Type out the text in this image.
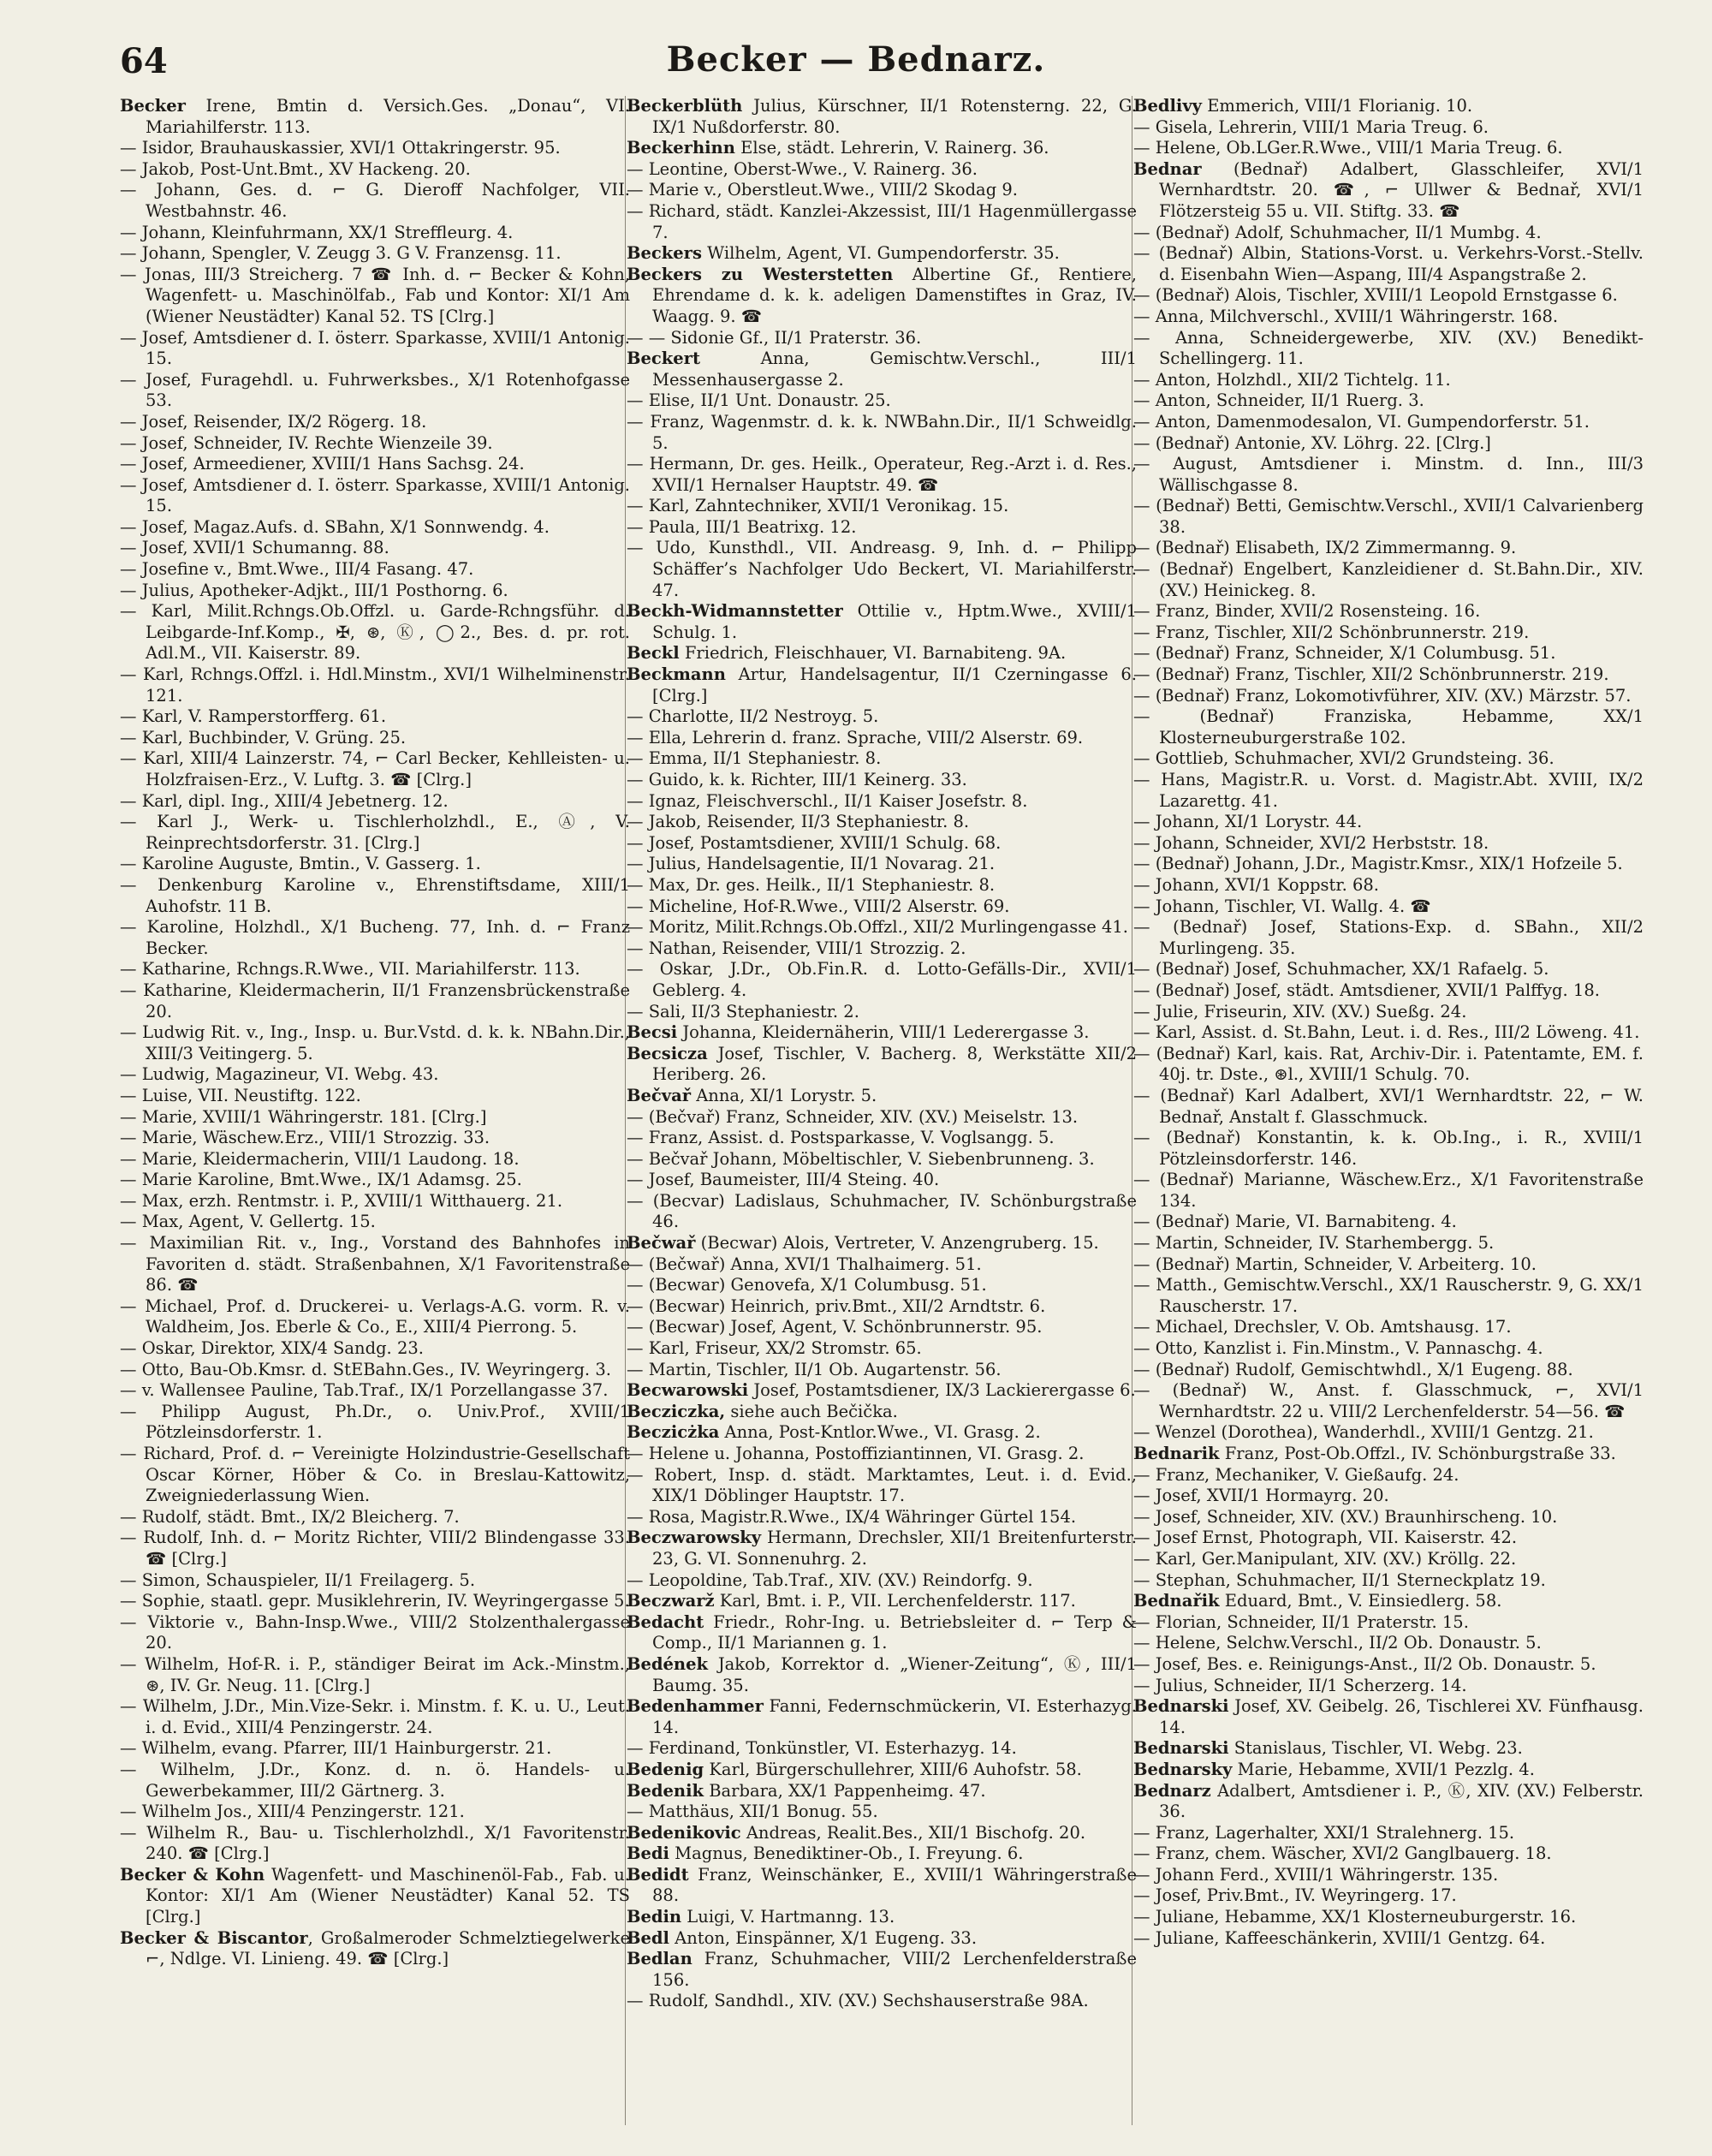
64	Becker — Bednarz.
Becker Irene, Bmtin d. Versich.Ges. „Donau“, VI. Mariahilferstr. 113.
— Isidor, Brauhauskassier, XVI/1 Ottakringerstr. 95.
— Jakob, Post-Unt.Bmt., XV Hackeng. 20.
— Johann, Ges. d. ⌐ G. Dieroff Nachfolger, VII. Westbahnstr. 46.
— Johann, Kleinfuhrmann, XX/1 Streffleurg. 4.
— Johann, Spengler, V. Zeugg 3. G V. Franzensg. 11.
— Jonas, III/3 Streicherg. 7 ☎ Inh. d. ⌐ Becker & Kohn, Wagenfett- u. Maschinölfab., Fab und Kontor: XI/1 Am (Wiener Neustädter) Kanal 52. TS [Clrg.]
— Josef, Amtsdiener d. I. österr. Sparkasse, XVIII/1 Antonig. 15.
— Josef, Furagehdl. u. Fuhrwerksbes., X/1 Rotenhofgasse 53.
— Josef, Reisender, IX/2 Rögerg. 18.
— Josef, Schneider, IV. Rechte Wienzeile 39.
— Josef, Armeediener, XVIII/1 Hans Sachsg. 24.
— Josef, Amtsdiener d. I. österr. Sparkasse, XVIII/1 Antonig. 15.
— Josef, Magaz.Aufs. d. SBahn, X/1 Sonnwendg. 4.
— Josef, XVII/1 Schumanng. 88.
— Josefine v., Bmt.Wwe., III/4 Fasang. 47.
— Julius, Apotheker-Adjkt., III/1 Posthorng. 6.
— Karl, Milit.Rchngs.Ob.Offzl. u. Garde-Rchngsführ. d. Leibgarde-Inf.Komp., ✠, ⊛, Ⓚ, ◯2., Bes. d. pr. rot. Adl.M., VII. Kaiserstr. 89.
— Karl, Rchngs.Offzl. i. Hdl.Minstm., XVI/1 Wilhelminenstr. 121.
— Karl, V. Ramperstorfferg. 61.
— Karl, Buchbinder, V. Grüng. 25.
— Karl, XIII/4 Lainzerstr. 74, ⌐ Carl Becker, Kehlleisten- u. Holzfraisen-Erz., V. Luftg. 3. ☎ [Clrg.]
— Karl, dipl. Ing., XIII/4 Jebetnerg. 12.
— Karl J., Werk- u. Tischlerholzhdl., E., Ⓐ, V. Reinprechtsdorferstr. 31. [Clrg.]
— Karoline Auguste, Bmtin., V. Gasserg. 1.
— Denkenburg Karoline v., Ehrenstiftsdame, XIII/1 Auhofstr. 11 B.
— Karoline, Holzhdl., X/1 Bucheng. 77, Inh. d. ⌐ Franz Becker.
— Katharine, Rchngs.R.Wwe., VII. Mariahilferstr. 113.
— Katharine, Kleidermacherin, II/1 Franzensbrückenstraße 20.
— Ludwig Rit. v., Ing., Insp. u. Bur.Vstd. d. k. k. NBahn.Dir., XIII/3 Veitingerg. 5.
— Ludwig, Magazineur, VI. Webg. 43.
— Luise, VII. Neustiftg. 122.
— Marie, XVIII/1 Währingerstr. 181. [Clrg.]
— Marie, Wäschew.Erz., VIII/1 Strozzig. 33.
— Marie, Kleidermacherin, VIII/1 Laudong. 18.
— Marie Karoline, Bmt.Wwe., IX/1 Adamsg. 25.
— Max, erzh. Rentmstr. i. P., XVIII/1 Witthauerg. 21.
— Max, Agent, V. Gellertg. 15.
— Maximilian Rit. v., Ing., Vorstand des Bahnhofes in Favoriten d. städt. Straßenbahnen, X/1 Favoritenstraße 86. ☎
— Michael, Prof. d. Druckerei- u. Verlags-A.G. vorm. R. v. Waldheim, Jos. Eberle & Co., E., XIII/4 Pierrong. 5.
— Oskar, Direktor, XIX/4 Sandg. 23.
— Otto, Bau-Ob.Kmsr. d. StEBahn.Ges., IV. Weyringerg. 3.
— v. Wallensee Pauline, Tab.Traf., IX/1 Porzellangasse 37.
— Philipp August, Ph.Dr., o. Univ.Prof., XVIII/1 Pötzleinsdorferstr. 1.
— Richard, Prof. d. ⌐ Vereinigte Holzindustrie-Gesellschaft Oscar Körner, Höber & Co. in Breslau-Kattowitz, Zweigniederlassung Wien.
— Rudolf, städt. Bmt., IX/2 Bleicherg. 7.
— Rudolf, Inh. d. ⌐ Moritz Richter, VIII/2 Blindengasse 33. ☎ [Clrg.]
— Simon, Schauspieler, II/1 Freilagerg. 5.
— Sophie, staatl. gepr. Musiklehrerin, IV. Weyringergasse 5.
— Viktorie v., Bahn-Insp.Wwe., VIII/2 Stolzenthalergasse 20.
— Wilhelm, Hof-R. i. P., ständiger Beirat im Ack.-Minstm., ⊛, IV. Gr. Neug. 11. [Clrg.]
— Wilhelm, J.Dr., Min.Vize-Sekr. i. Minstm. f. K. u. U., Leut. i. d. Evid., XIII/4 Penzingerstr. 24.
— Wilhelm, evang. Pfarrer, III/1 Hainburgerstr. 21.
— Wilhelm, J.Dr., Konz. d. n. ö. Handels- u. Gewerbekammer, III/2 Gärtnerg. 3.
— Wilhelm Jos., XIII/4 Penzingerstr. 121.
— Wilhelm R., Bau- u. Tischlerholzhdl., X/1 Favoritenstr. 240. ☎ [Clrg.]
Becker & Kohn Wagenfett- und Maschinenöl-Fab., Fab. u. Kontor: XI/1 Am (Wiener Neustädter) Kanal 52. TS [Clrg.]
Becker & Biscantor, Großalmeroder Schmelztiegelwerke ⌐, Ndlge. VI. Linieng. 49. ☎ [Clrg.]
Beckerblüth Julius, Kürschner, II/1 Rotensterng. 22, G. IX/1 Nußdorferstr. 80.
Beckerhinn Else, städt. Lehrerin, V. Rainerg. 36.
— Leontine, Oberst-Wwe., V. Rainerg. 36.
— Marie v., Oberstleut.Wwe., VIII/2 Skodag 9.
— Richard, städt. Kanzlei-Akzessist, III/1 Hagenmüllergasse 7.
Beckers Wilhelm, Agent, VI. Gumpendorferstr. 35.
Beckers zu Westerstetten Albertine Gf., Rentiere, Ehrendame d. k. k. adeligen Damenstiftes in Graz, IV. Waagg. 9. ☎
— — Sidonie Gf., II/1 Praterstr. 36.
Beckert Anna, Gemischtw.Verschl., III/1 Messenhausergasse 2.
— Elise, II/1 Unt. Donaustr. 25.
— Franz, Wagenmstr. d. k. k. NWBahn.Dir., II/1 Schweidlg. 5.
— Hermann, Dr. ges. Heilk., Operateur, Reg.-Arzt i. d. Res., XVII/1 Hernalser Hauptstr. 49. ☎
— Karl, Zahntechniker, XVII/1 Veronikag. 15.
— Paula, III/1 Beatrixg. 12.
— Udo, Kunsthdl., VII. Andreasg. 9, Inh. d. ⌐ Philipp Schäffer’s Nachfolger Udo Beckert, VI. Mariahilferstr. 47.
Beckh-Widmannstetter Ottilie v., Hptm.Wwe., XVIII/1 Schulg. 1.
Beckl Friedrich, Fleischhauer, VI. Barnabiteng. 9A.
Beckmann Artur, Handelsagentur, II/1 Czerningasse 6. [Clrg.]
— Charlotte, II/2 Nestroyg. 5.
— Ella, Lehrerin d. franz. Sprache, VIII/2 Alserstr. 69.
— Emma, II/1 Stephaniestr. 8.
— Guido, k. k. Richter, III/1 Keinerg. 33.
— Ignaz, Fleischverschl., II/1 Kaiser Josefstr. 8.
— Jakob, Reisender, II/3 Stephaniestr. 8.
— Josef, Postamtsdiener, XVIII/1 Schulg. 68.
— Julius, Handelsagentie, II/1 Novarag. 21.
— Max, Dr. ges. Heilk., II/1 Stephaniestr. 8.
— Micheline, Hof-R.Wwe., VIII/2 Alserstr. 69.
— Moritz, Milit.Rchngs.Ob.Offzl., XII/2 Murlingengasse 41.
— Nathan, Reisender, VIII/1 Strozzig. 2.
— Oskar, J.Dr., Ob.Fin.R. d. Lotto-Gefälls-Dir., XVII/1 Geblerg. 4.
— Sali, II/3 Stephaniestr. 2.
Becsi Johanna, Kleidernäherin, VIII/1 Lederergasse 3.
Becsicza Josef, Tischler, V. Bacherg. 8, Werkstätte XII/2 Heriberg. 26.
Bečvař Anna, XI/1 Lorystr. 5.
— (Bečvař) Franz, Schneider, XIV. (XV.) Meiselstr. 13.
— Franz, Assist. d. Postsparkasse, V. Voglsangg. 5.
— Bečvař Johann, Möbeltischler, V. Siebenbrunneng. 3.
— Josef, Baumeister, III/4 Steing. 40.
— (Becvar) Ladislaus, Schuhmacher, IV. Schönburgstraße 46.
Bečwař (Becwar) Alois, Vertreter, V. Anzengruberg. 15.
— (Bečwař) Anna, XVI/1 Thalhaimerg. 51.
— (Becwar) Genovefa, X/1 Columbusg. 51.
— (Becwar) Heinrich, priv.Bmt., XII/2 Arndtstr. 6.
— (Becwar) Josef, Agent, V. Schönbrunnerstr. 95.
— Karl, Friseur, XX/2 Stromstr. 65.
— Martin, Tischler, II/1 Ob. Augartenstr. 56.
Becwarowski Josef, Postamtsdiener, IX/3 Lackierergasse 6.
Becziczka, siehe auch Bečička.
Beczicżka Anna, Post-Kntlor.Wwe., VI. Grasg. 2.
— Helene u. Johanna, Postoffiziantinnen, VI. Grasg. 2.
— Robert, Insp. d. städt. Marktamtes, Leut. i. d. Evid., XIX/1 Döblinger Hauptstr. 17.
— Rosa, Magistr.R.Wwe., IX/4 Währinger Gürtel 154.
Beczwarowsky Hermann, Drechsler, XII/1 Breitenfurterstr. 23, G. VI. Sonnenuhrg. 2.
— Leopoldine, Tab.Traf., XIV. (XV.) Reindorfg. 9.
Beczwarž Karl, Bmt. i. P., VII. Lerchenfelderstr. 117.
Bedacht Friedr., Rohr-Ing. u. Betriebsleiter d. ⌐ Terp & Comp., II/1 Mariannen g. 1.
Bedének Jakob, Korrektor d. „Wiener-Zeitung“, Ⓚ, III/1 Baumg. 35.
Bedenhammer Fanni, Federnschmückerin, VI. Esterhazyg. 14.
— Ferdinand, Tonkünstler, VI. Esterhazyg. 14.
Bedenig Karl, Bürgerschullehrer, XIII/6 Auhofstr. 58.
Bedenik Barbara, XX/1 Pappenheimg. 47.
— Matthäus, XII/1 Bonug. 55.
Bedenikovic Andreas, Realit.Bes., XII/1 Bischofg. 20.
Bedi Magnus, Benediktiner-Ob., I. Freyung. 6.
Bedidt Franz, Weinschänker, E., XVIII/1 Währingerstraße 88.
Bedin Luigi, V. Hartmanng. 13.
Bedl Anton, Einspänner, X/1 Eugeng. 33.
Bedlan Franz, Schuhmacher, VIII/2 Lerchenfelderstraße 156.
— Rudolf, Sandhdl., XIV. (XV.) Sechshauserstraße 98A.
Bedlivy Emmerich, VIII/1 Florianig. 10.
— Gisela, Lehrerin, VIII/1 Maria Treug. 6.
— Helene, Ob.LGer.R.Wwe., VIII/1 Maria Treug. 6.
Bednar (Bednař) Adalbert, Glasschleifer, XVI/1 Wernhardtstr. 20. ☎, ⌐ Ullwer & Bednař, XVI/1 Flötzersteig 55 u. VII. Stiftg. 33. ☎
— (Bednař) Adolf, Schuhmacher, II/1 Mumbg. 4.
— (Bednař) Albin, Stations-Vorst. u. Verkehrs-Vorst.-Stellv. d. Eisenbahn Wien—Aspang, III/4 Aspangstraße 2.
— (Bednař) Alois, Tischler, XVIII/1 Leopold Ernstgasse 6.
— Anna, Milchverschl., XVIII/1 Währingerstr. 168.
— Anna, Schneidergewerbe, XIV. (XV.) Benedikt-Schellingerg. 11.
— Anton, Holzhdl., XII/2 Tichtelg. 11.
— Anton, Schneider, II/1 Ruerg. 3.
— Anton, Damenmodesalon, VI. Gumpendorferstr. 51.
— (Bednař) Antonie, XV. Löhrg. 22. [Clrg.]
— August, Amtsdiener i. Minstm. d. Inn., III/3 Wällischgasse 8.
— (Bednař) Betti, Gemischtw.Verschl., XVII/1 Calvarienberg 38.
— (Bednař) Elisabeth, IX/2 Zimmermanng. 9.
— (Bednař) Engelbert, Kanzleidiener d. St.Bahn.Dir., XIV. (XV.) Heinickeg. 8.
— Franz, Binder, XVII/2 Rosensteing. 16.
— Franz, Tischler, XII/2 Schönbrunnerstr. 219.
— (Bednař) Franz, Schneider, X/1 Columbusg. 51.
— (Bednař) Franz, Tischler, XII/2 Schönbrunnerstr. 219.
— (Bednař) Franz, Lokomotivführer, XIV. (XV.) Märzstr. 57.
— (Bednař) Franziska, Hebamme, XX/1 Klosterneuburgerstraße 102.
— Gottlieb, Schuhmacher, XVI/2 Grundsteing. 36.
— Hans, Magistr.R. u. Vorst. d. Magistr.Abt. XVIII, IX/2 Lazarettg. 41.
— Johann, XI/1 Lorystr. 44.
— Johann, Schneider, XVI/2 Herbststr. 18.
— (Bednař) Johann, J.Dr., Magistr.Kmsr., XIX/1 Hofzeile 5.
— Johann, XVI/1 Koppstr. 68.
— Johann, Tischler, VI. Wallg. 4. ☎
— (Bednař) Josef, Stations-Exp. d. SBahn., XII/2 Murlingeng. 35.
— (Bednař) Josef, Schuhmacher, XX/1 Rafaelg. 5.
— (Bednař) Josef, städt. Amtsdiener, XVII/1 Palffyg. 18.
— Julie, Friseurin, XIV. (XV.) Sueßg. 24.
— Karl, Assist. d. St.Bahn, Leut. i. d. Res., III/2 Löweng. 41.
— (Bednař) Karl, kais. Rat, Archiv-Dir. i. Patentamte, EM. f. 40j. tr. Dste., ⊛l., XVIII/1 Schulg. 70.
— (Bednař) Karl Adalbert, XVI/1 Wernhardtstr. 22, ⌐ W. Bednař, Anstalt f. Glasschmuck.
— (Bednař) Konstantin, k. k. Ob.Ing., i. R., XVIII/1 Pötzleinsdorferstr. 146.
— (Bednař) Marianne, Wäschew.Erz., X/1 Favoritenstraße 134.
— (Bednař) Marie, VI. Barnabiteng. 4.
— Martin, Schneider, IV. Starhembergg. 5.
— (Bednař) Martin, Schneider, V. Arbeiterg. 10.
— Matth., Gemischtw.Verschl., XX/1 Rauscherstr. 9, G. XX/1 Rauscherstr. 17.
— Michael, Drechsler, V. Ob. Amtshausg. 17.
— Otto, Kanzlist i. Fin.Minstm., V. Pannaschg. 4.
— (Bednař) Rudolf, Gemischtwhdl., X/1 Eugeng. 88.
— (Bednař) W., Anst. f. Glasschmuck, ⌐, XVI/1 Wernhardtstr. 22 u. VIII/2 Lerchenfelderstr. 54—56. ☎
— Wenzel (Dorothea), Wanderhdl., XVIII/1 Gentzg. 21.
Bednarik Franz, Post-Ob.Offzl., IV. Schönburgstraße 33.
— Franz, Mechaniker, V. Gießaufg. 24.
— Josef, XVII/1 Hormayrg. 20.
— Josef, Schneider, XIV. (XV.) Braunhirscheng. 10.
— Josef Ernst, Photograph, VII. Kaiserstr. 42.
— Karl, Ger.Manipulant, XIV. (XV.) Kröllg. 22.
— Stephan, Schuhmacher, II/1 Sterneckplatz 19.
Bednařik Eduard, Bmt., V. Einsiedlerg. 58.
— Florian, Schneider, II/1 Praterstr. 15.
— Helene, Selchw.Verschl., II/2 Ob. Donaustr. 5.
— Josef, Bes. e. Reinigungs-Anst., II/2 Ob. Donaustr. 5.
— Julius, Schneider, II/1 Scherzerg. 14.
Bednarski Josef, XV. Geibelg. 26, Tischlerei XV. Fünfhausg. 14.
Bednarski Stanislaus, Tischler, VI. Webg. 23.
Bednarsky Marie, Hebamme, XVII/1 Pezzlg. 4.
Bednarz Adalbert, Amtsdiener i. P., Ⓚ, XIV. (XV.) Felberstr. 36.
— Franz, Lagerhalter, XXI/1 Stralehnerg. 15.
— Franz, chem. Wäscher, XVI/2 Ganglbauerg. 18.
— Johann Ferd., XVIII/1 Währingerstr. 135.
— Josef, Priv.Bmt., IV. Weyringerg. 17.
— Juliane, Hebamme, XX/1 Klosterneuburgerstr. 16.
— Juliane, Kaffeeschänkerin, XVIII/1 Gentzg. 64.
